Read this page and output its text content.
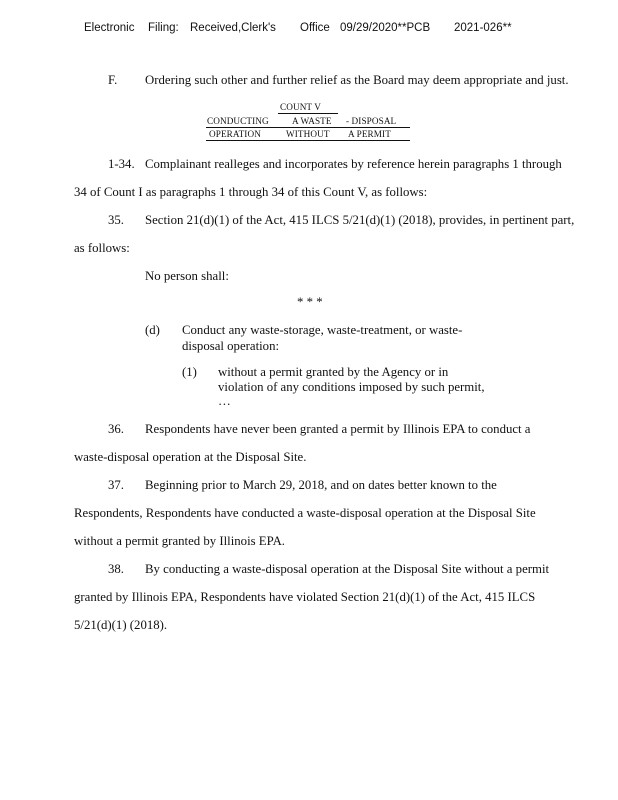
Electronic Filing: Received,Clerk's Office 09/29/2020**PCB 2021-026**
F. Ordering such other and further relief as the Board may deem appropriate and just.
COUNT V
CONDUCTING	A WASTE - DISPOSAL
OPERATION	WITHOUT A PERMIT
1-34. Complainant realleges and incorporates by reference herein paragraphs 1 through
34 of Count I as paragraphs 1 through 34 of this Count V, as follows:
35. Section 21(d)(1) of the Act, 415 ILCS 5/21(d)(1) (2018), provides, in pertinent part,
as follows:
No person shall:
* * *
(d) Conduct any waste-storage, waste-treatment, or waste-
disposal operation:
(1) without a permit granted by the Agency or in
violation of any conditions imposed by such permit,
…
36. Respondents have never been granted a permit by Illinois EPA to conduct a
waste-disposal operation at the Disposal Site.
37. Beginning prior to March 29, 2018, and on dates better known to the
Respondents, Respondents have conducted a waste-disposal operation at the Disposal Site
without a permit granted by Illinois EPA.
38. By conducting a waste-disposal operation at the Disposal Site without a permit
granted by Illinois EPA, Respondents have violated Section 21(d)(1) of the Act, 415 ILCS
5/21(d)(1) (2018).
